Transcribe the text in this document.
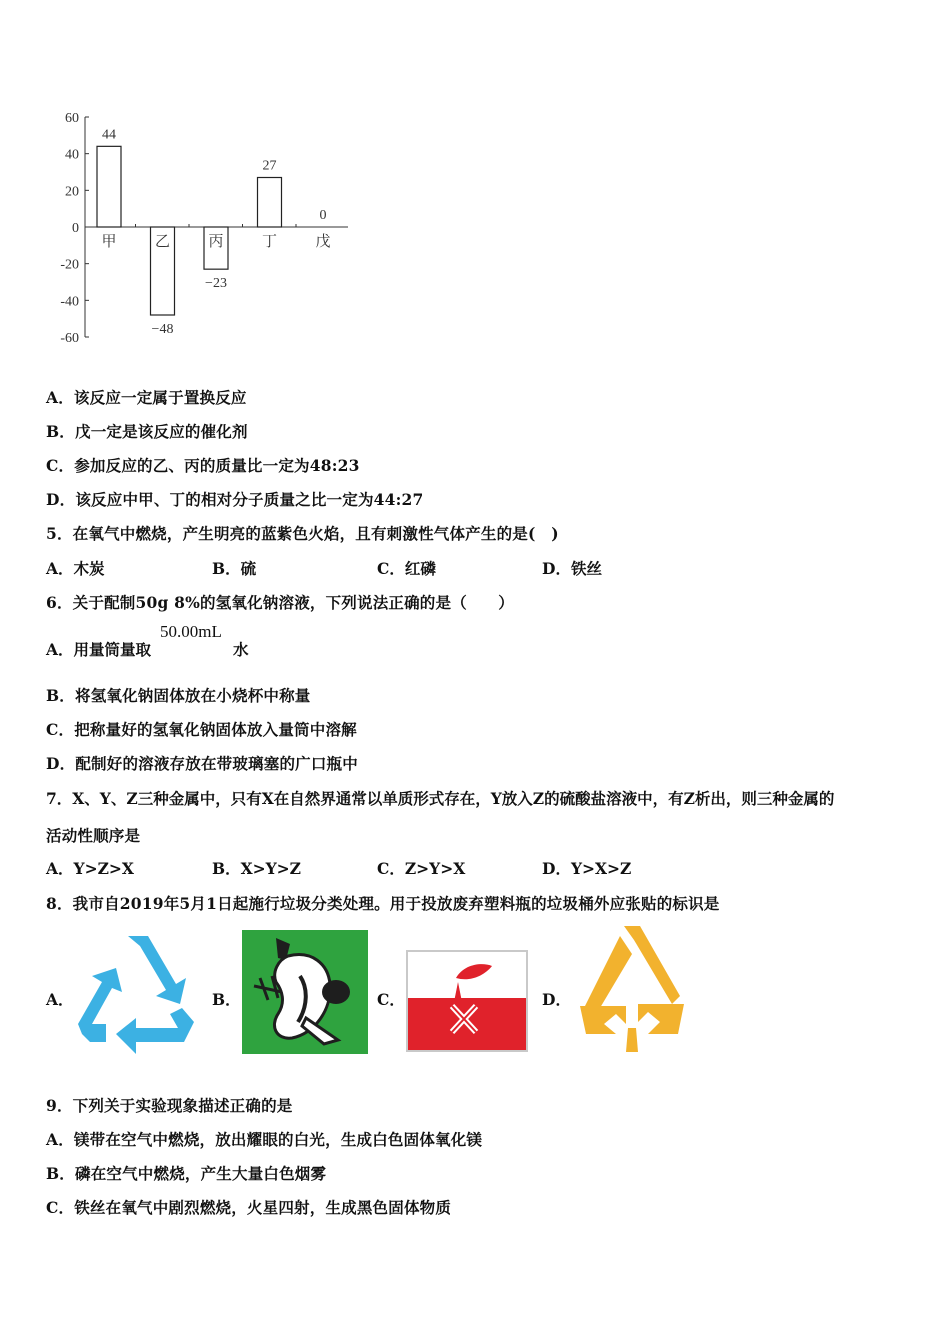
60
40
20
0
-20
-40
-60
44
−48
−23
27
0
甲	乙	丙	丁	戊
A．该反应一定属于置换反应
B．戊一定是该反应的催化剂
C．参加反应的乙、丙的质量比一定为48:23
D．该反应中甲、丁的相对分子质量之比一定为44:27
5．在氧气中燃烧，产生明亮的蓝紫色火焰，且有刺激性气体产生的是(　)
A．木炭	B．硫	C．红磷	D．铁丝
6．关于配制50g 8%的氢氧化钠溶液，下列说法正确的是（　　）
A．用量筒量取
50.00mL
水
B．将氢氧化钠固体放在小烧杯中称量
C．把称量好的氢氧化钠固体放入量筒中溶解
D．配制好的溶液存放在带玻璃塞的广口瓶中
7．X、Y、Z三种金属中，只有X在自然界通常以单质形式存在，Y放入Z的硫酸盐溶液中，有Z析出，则三种金属的
活动性顺序是
A．Y>Z>X	B．X>Y>Z	C．Z>Y>X	D．Y>X>Z
8．我市自2019年5月1日起施行垃圾分类处理。用于投放废弃塑料瓶的垃圾桶外应张贴的标识是
A．	B．	C．	D．
9．下列关于实验现象描述正确的是
A．镁带在空气中燃烧，放出耀眼的白光，生成白色固体氧化镁
B．磷在空气中燃烧，产生大量白色烟雾
C．铁丝在氧气中剧烈燃烧，火星四射，生成黑色固体物质
